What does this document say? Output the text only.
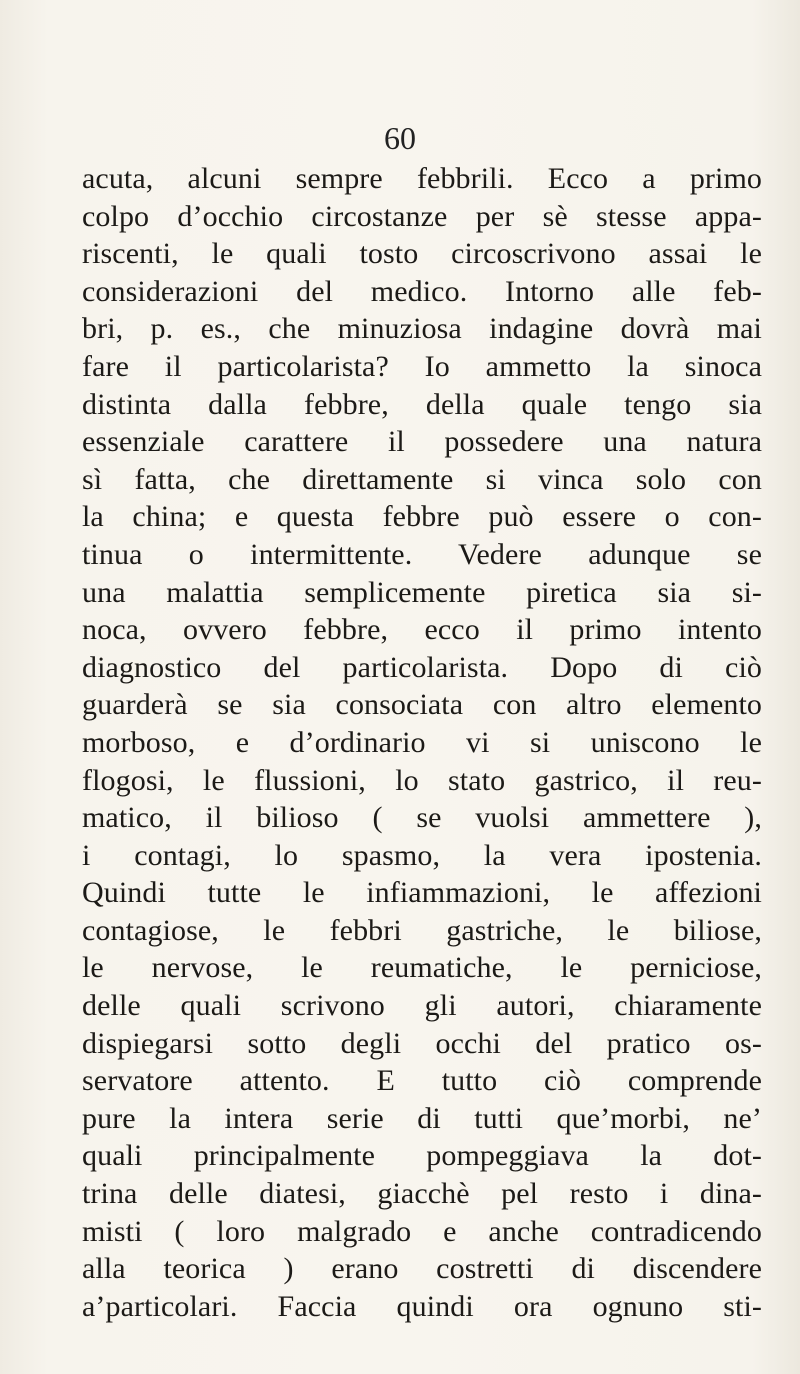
60
acuta, alcuni sempre febbrili. Ecco a primo
colpo d’occhio circostanze per sè stesse appa-
riscenti, le quali tosto circoscrivono assai le
considerazioni del medico. Intorno alle feb-
bri, p. es., che minuziosa indagine dovrà mai
fare il particolarista? Io ammetto la sinoca
distinta dalla febbre, della quale tengo sia
essenziale carattere il possedere una natura
sì fatta, che direttamente si vinca solo con
la china; e questa febbre può essere o con-
tinua o intermittente. Vedere adunque se
una malattia semplicemente piretica sia si-
noca, ovvero febbre, ecco il primo intento
diagnostico del particolarista. Dopo di ciò
guarderà se sia consociata con altro elemento
morboso, e d’ordinario vi si uniscono le
flogosi, le flussioni, lo stato gastrico, il reu-
matico, il bilioso ( se vuolsi ammettere ),
i contagi, lo spasmo, la vera ipostenia.
Quindi tutte le infiammazioni, le affezioni
contagiose, le febbri gastriche, le biliose,
le nervose, le reumatiche, le perniciose,
delle quali scrivono gli autori, chiaramente
dispiegarsi sotto degli occhi del pratico os-
servatore attento. E tutto ciò comprende
pure la intera serie di tutti que’morbi, ne’
quali principalmente pompeggiava la dot-
trina delle diatesi, giacchè pel resto i dina-
misti ( loro malgrado e anche contradicendo
alla teorica ) erano costretti di discendere
a’particolari. Faccia quindi ora ognuno sti-
